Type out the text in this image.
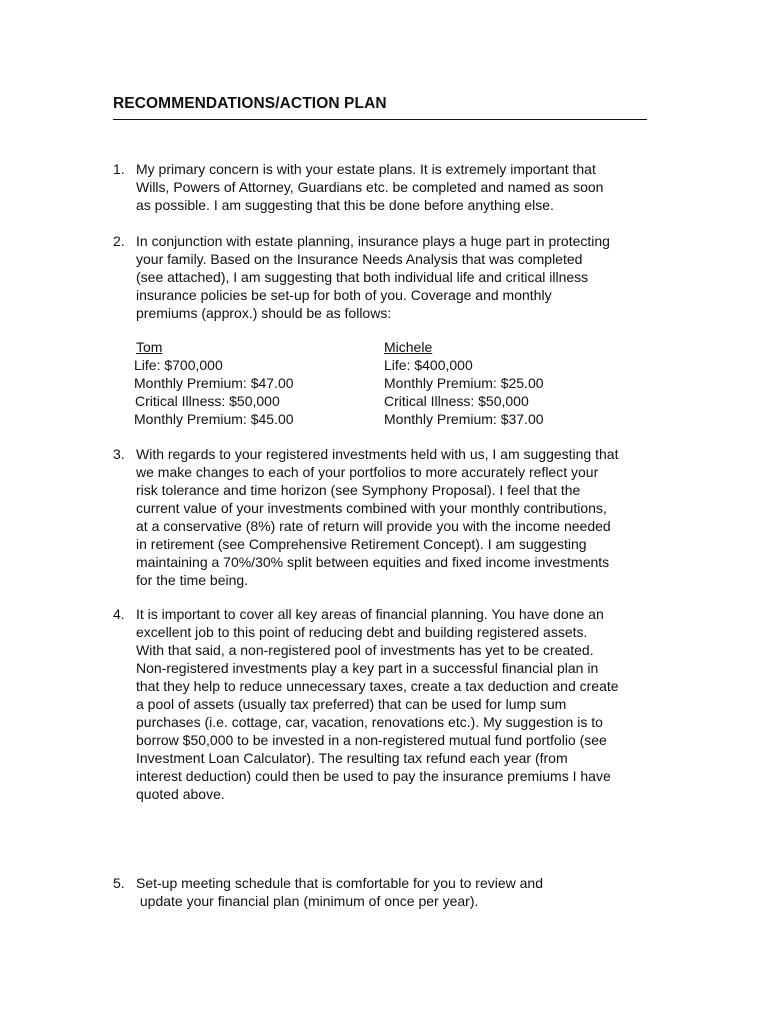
RECOMMENDATIONS/ACTION PLAN
1. My primary concern is with your estate plans. It is extremely important that
Wills, Powers of Attorney, Guardians etc. be completed and named as soon
as possible. I am suggesting that this be done before anything else.
2. In conjunction with estate planning, insurance plays a huge part in protecting
your family. Based on the Insurance Needs Analysis that was completed
(see attached), I am suggesting that both individual life and critical illness
insurance policies be set-up for both of you. Coverage and monthly
premiums (approx.) should be as follows:
Tom
Life: $700,000
Monthly Premium: $47.00
Critical Illness: $50,000
Monthly Premium: $45.00
Michele
Life: $400,000
Monthly Premium: $25.00
Critical Illness: $50,000
Monthly Premium: $37.00
3. With regards to your registered investments held with us, I am suggesting that
we make changes to each of your portfolios to more accurately reflect your
risk tolerance and time horizon (see Symphony Proposal). I feel that the
current value of your investments combined with your monthly contributions,
at a conservative (8%) rate of return will provide you with the income needed
in retirement (see Comprehensive Retirement Concept). I am suggesting
maintaining a 70%/30% split between equities and fixed income investments
for the time being.
4. It is important to cover all key areas of financial planning. You have done an
excellent job to this point of reducing debt and building registered assets.
With that said, a non-registered pool of investments has yet to be created.
Non-registered investments play a key part in a successful financial plan in
that they help to reduce unnecessary taxes, create a tax deduction and create
a pool of assets (usually tax preferred) that can be used for lump sum
purchases (i.e. cottage, car, vacation, renovations etc.). My suggestion is to
borrow $50,000 to be invested in a non-registered mutual fund portfolio (see
Investment Loan Calculator). The resulting tax refund each year (from
interest deduction) could then be used to pay the insurance premiums I have
quoted above.
5. Set-up meeting schedule that is comfortable for you to review and
update your financial plan (minimum of once per year).
